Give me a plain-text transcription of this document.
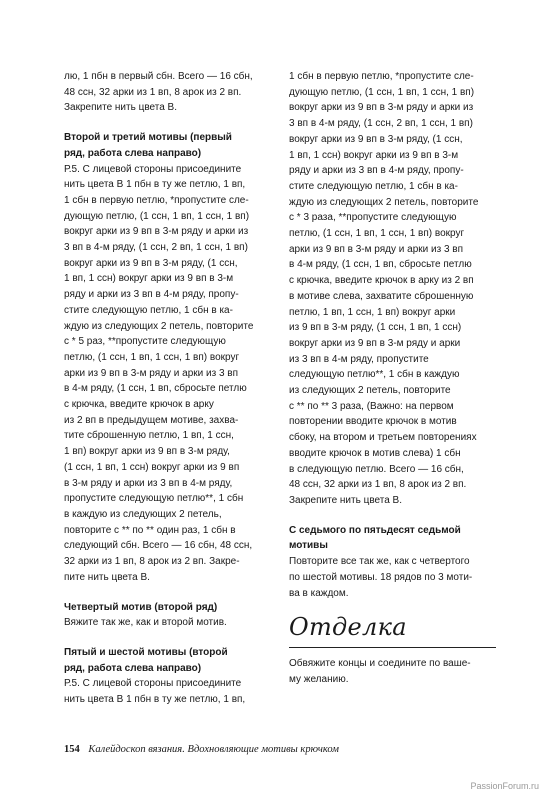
лю, 1 пбн в первый сбн. Всего — 16 сбн,
48 ссн, 32 арки из 1 вп, 8 арок из 2 вп.
Закрепите нить цвета В.
Второй и третий мотивы (первый
ряд, работа слева направо)
Р.5. С лицевой стороны присоедините
нить цвета В 1 пбн в ту же петлю, 1 вп,
1 сбн в первую петлю, *пропустите сле-
дующую петлю, (1 ссн, 1 вп, 1 ссн, 1 вп)
вокруг арки из 9 вп в 3-м ряду и арки из
3 вп в 4-м ряду, (1 ссн, 2 вп, 1 ссн, 1 вп)
вокруг арки из 9 вп в 3-м ряду, (1 ссн,
1 вп, 1 ссн) вокруг арки из 9 вп в 3-м
ряду и арки из 3 вп в 4-м ряду, пропу-
стите следующую петлю, 1 сбн в ка-
ждую из следующих 2 петель, повторите
с * 5 раз, **пропустите следующую
петлю, (1 ссн, 1 вп, 1 ссн, 1 вп) вокруг
арки из 9 вп в 3-м ряду и арки из 3 вп
в 4-м ряду, (1 ссн, 1 вп, сбросьте петлю
с крючка, введите крючок в арку
из 2 вп в предыдущем мотиве, захва-
тите сброшенную петлю, 1 вп, 1 ссн,
1 вп) вокруг арки из 9 вп в 3-м ряду,
(1 ссн, 1 вп, 1 ссн) вокруг арки из 9 вп
в 3-м ряду и арки из 3 вп в 4-м ряду,
пропустите следующую петлю**, 1 сбн
в каждую из следующих 2 петель,
повторите с ** по ** один раз, 1 сбн в
следующий сбн. Всего — 16 сбн, 48 ссн,
32 арки из 1 вп, 8 арок из 2 вп. Закре-
пите нить цвета В.
Четвертый мотив (второй ряд)
Вяжите так же, как и второй мотив.
Пятый и шестой мотивы (второй
ряд, работа слева направо)
Р.5. С лицевой стороны присоедините
нить цвета В 1 пбн в ту же петлю, 1 вп,
1 сбн в первую петлю, *пропустите сле-
дующую петлю, (1 ссн, 1 вп, 1 ссн, 1 вп)
вокруг арки из 9 вп в 3-м ряду и арки из
3 вп в 4-м ряду, (1 ссн, 2 вп, 1 ссн, 1 вп)
вокруг арки из 9 вп в 3-м ряду, (1 ссн,
1 вп, 1 ссн) вокруг арки из 9 вп в 3-м
ряду и арки из 3 вп в 4-м ряду, пропу-
стите следующую петлю, 1 сбн в ка-
ждую из следующих 2 петель, повторите
с * 3 раза, **пропустите следующую
петлю, (1 ссн, 1 вп, 1 ссн, 1 вп) вокруг
арки из 9 вп в 3-м ряду и арки из 3 вп
в 4-м ряду, (1 ссн, 1 вп, сбросьте петлю
с крючка, введите крючок в арку из 2 вп
в мотиве слева, захватите сброшенную
петлю, 1 вп, 1 ссн, 1 вп) вокруг арки
из 9 вп в 3-м ряду, (1 ссн, 1 вп, 1 ссн)
вокруг арки из 9 вп в 3-м ряду и арки
из 3 вп в 4-м ряду, пропустите
следующую петлю**, 1 сбн в каждую
из следующих 2 петель, повторите
с ** по ** 3 раза, (Важно: на первом
повторении вводите крючок в мотив
сбоку, на втором и третьем повторениях
вводите крючок в мотив слева) 1 сбн
в следующую петлю. Всего — 16 сбн,
48 ссн, 32 арки из 1 вп, 8 арок из 2 вп.
Закрепите нить цвета В.
С седьмого по пятьдесят седьмой
мотивы
Повторите все так же, как с четвертого
по шестой мотивы. 18 рядов по 3 моти-
ва в каждом.
Отделка
Обвяжите концы и соедините по ваше-
му желанию.
154 Калейдоскоп вязания. Вдохновляющие мотивы крючком
PassionForum.ru
